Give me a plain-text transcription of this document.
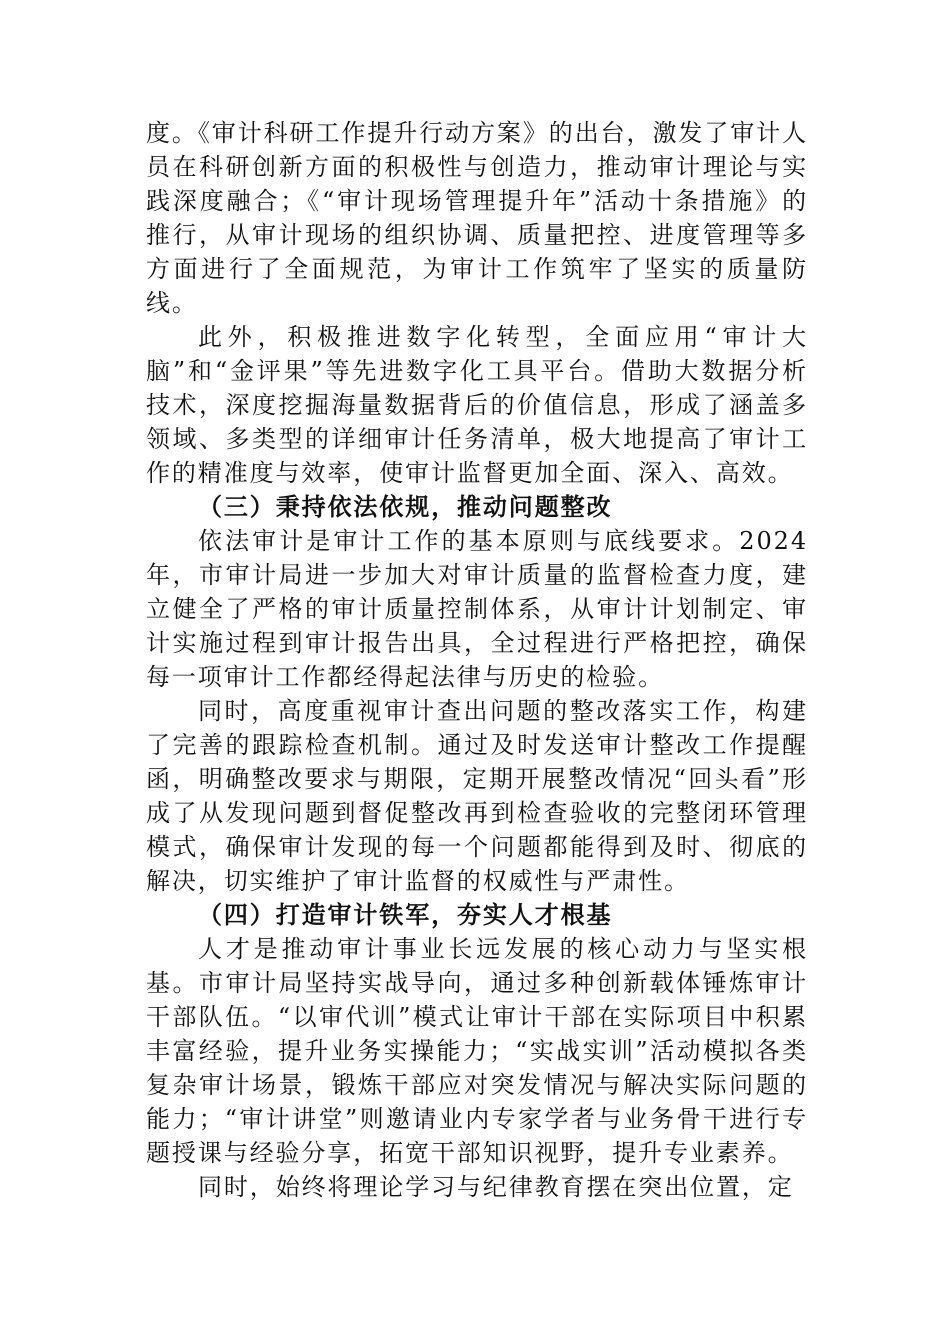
度。《审计科研工作提升行动方案》的出台，激发了审计人员在科研创新方面的积极性与创造力，推动审计理论与实践深度融合；《“审计现场管理提升年”活动十条措施》的推行，从审计现场的组织协调、质量把控、进度管理等多方面进行了全面规范，为审计工作筑牢了坚实的质量防线。

此外，积极推进数字化转型，全面应用“审计大脑”和“金评果”等先进数字化工具平台。借助大数据分析技术，深度挖掘海量数据背后的价值信息，形成了涵盖多领域、多类型的详细审计任务清单，极大地提高了审计工作的精准度与效率，使审计监督更加全面、深入、高效。

（三）秉持依法依规，推动问题整改

依法审计是审计工作的基本原则与底线要求。2024年，市审计局进一步加大对审计质量的监督检查力度，建立健全了严格的审计质量控制体系，从审计计划制定、审计实施过程到审计报告出具，全过程进行严格把控，确保每一项审计工作都经得起法律与历史的检验。

同时，高度重视审计查出问题的整改落实工作，构建了完善的跟踪检查机制。通过及时发送审计整改工作提醒函，明确整改要求与期限，定期开展整改情况“回头看”形成了从发现问题到督促整改再到检查验收的完整闭环管理模式，确保审计发现的每一个问题都能得到及时、彻底的解决，切实维护了审计监督的权威性与严肃性。

（四）打造审计铁军，夯实人才根基

人才是推动审计事业长远发展的核心动力与坚实根基。市审计局坚持实战导向，通过多种创新载体锤炼审计干部队伍。“以审代训”模式让审计干部在实际项目中积累丰富经验，提升业务实操能力；“实战实训”活动模拟各类复杂审计场景，锻炼干部应对突发情况与解决实际问题的能力；“审计讲堂”则邀请业内专家学者与业务骨干进行专题授课与经验分享，拓宽干部知识视野，提升专业素养。

同时，始终将理论学习与纪律教育摆在突出位置，定
